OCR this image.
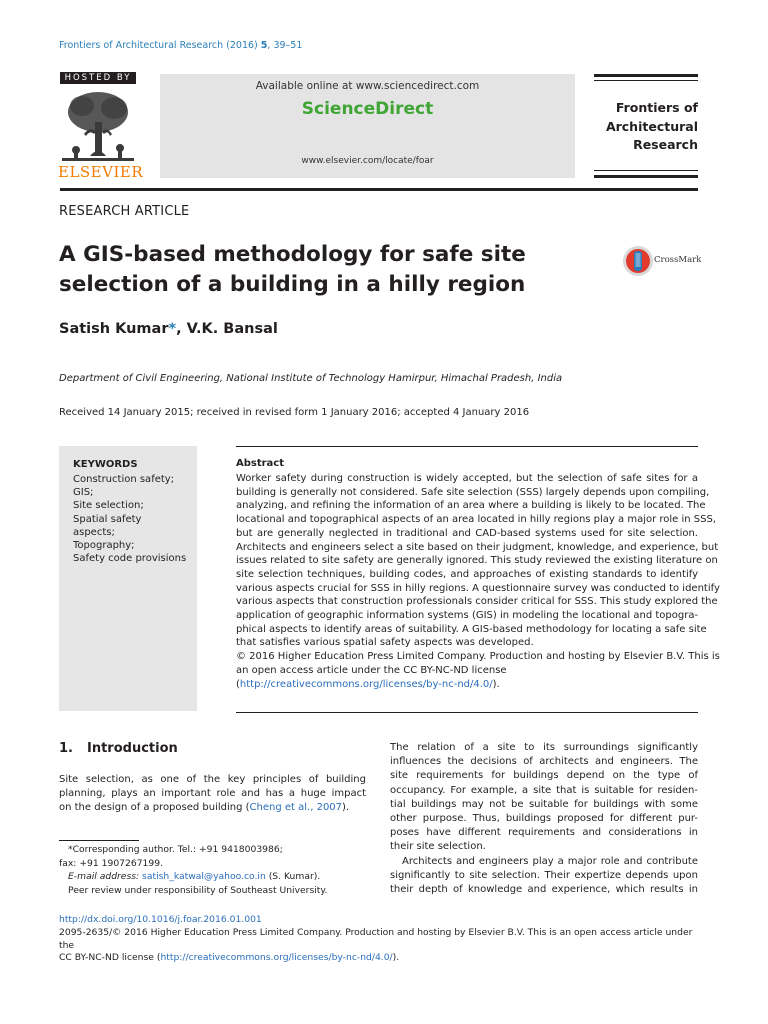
Frontiers of Architectural Research (2016) 5, 39–51
HOSTED BY
ELSEVIER
Available online at www.sciencedirect.com
ScienceDirect
www.elsevier.com/locate/foar
Frontiers of
Architectural
Research
RESEARCH ARTICLE
A GIS-based methodology for safe site
selection of a building in a hilly region
CrossMark
Satish Kumar*, V.K. Bansal
Department of Civil Engineering, National Institute of Technology Hamirpur, Himachal Pradesh, India
Received 14 January 2015; received in revised form 1 January 2016; accepted 4 January 2016
KEYWORDS
Construction safety;
GIS;
Site selection;
Spatial safety
aspects;
Topography;
Safety code provisions
Abstract
Worker safety during construction is widely accepted, but the selection of safe sites for a
building is generally not considered. Safe site selection (SSS) largely depends upon compiling,
analyzing, and refining the information of an area where a building is likely to be located. The
locational and topographical aspects of an area located in hilly regions play a major role in SSS,
but are generally neglected in traditional and CAD-based systems used for site selection.
Architects and engineers select a site based on their judgment, knowledge, and experience, but
issues related to site safety are generally ignored. This study reviewed the existing literature on
site selection techniques, building codes, and approaches of existing standards to identify
various aspects crucial for SSS in hilly regions. A questionnaire survey was conducted to identify
various aspects that construction professionals consider critical for SSS. This study explored the
application of geographic information systems (GIS) in modeling the locational and topogra-
phical aspects to identify areas of suitability. A GIS-based methodology for locating a safe site
that satisfies various spatial safety aspects was developed.
© 2016 Higher Education Press Limited Company. Production and hosting by Elsevier B.V. This is
an open access article under the CC BY-NC-ND license
(http://creativecommons.org/licenses/by-nc-nd/4.0/).
1. Introduction
Site selection, as one of the key principles of building
planning, plays an important role and has a huge impact
on the design of a proposed building (Cheng et al., 2007).
The relation of a site to its surroundings significantly
influences the decisions of architects and engineers. The
site requirements for buildings depend on the type of
occupancy. For example, a site that is suitable for residen-
tial buildings may not be suitable for buildings with some
other purpose. Thus, buildings proposed for different pur-
poses have different requirements and considerations in
their site selection.
Architects and engineers play a major role and contribute
significantly to site selection. Their expertize depends upon
their depth of knowledge and experience, which results in
*Corresponding author. Tel.: +91 9418003986;
fax: +91 1907267199.
E-mail address: satish_katwal@yahoo.co.in (S. Kumar).
Peer review under responsibility of Southeast University.
http://dx.doi.org/10.1016/j.foar.2016.01.001
2095-2635/© 2016 Higher Education Press Limited Company. Production and hosting by Elsevier B.V. This is an open access article under the
CC BY-NC-ND license (http://creativecommons.org/licenses/by-nc-nd/4.0/).
